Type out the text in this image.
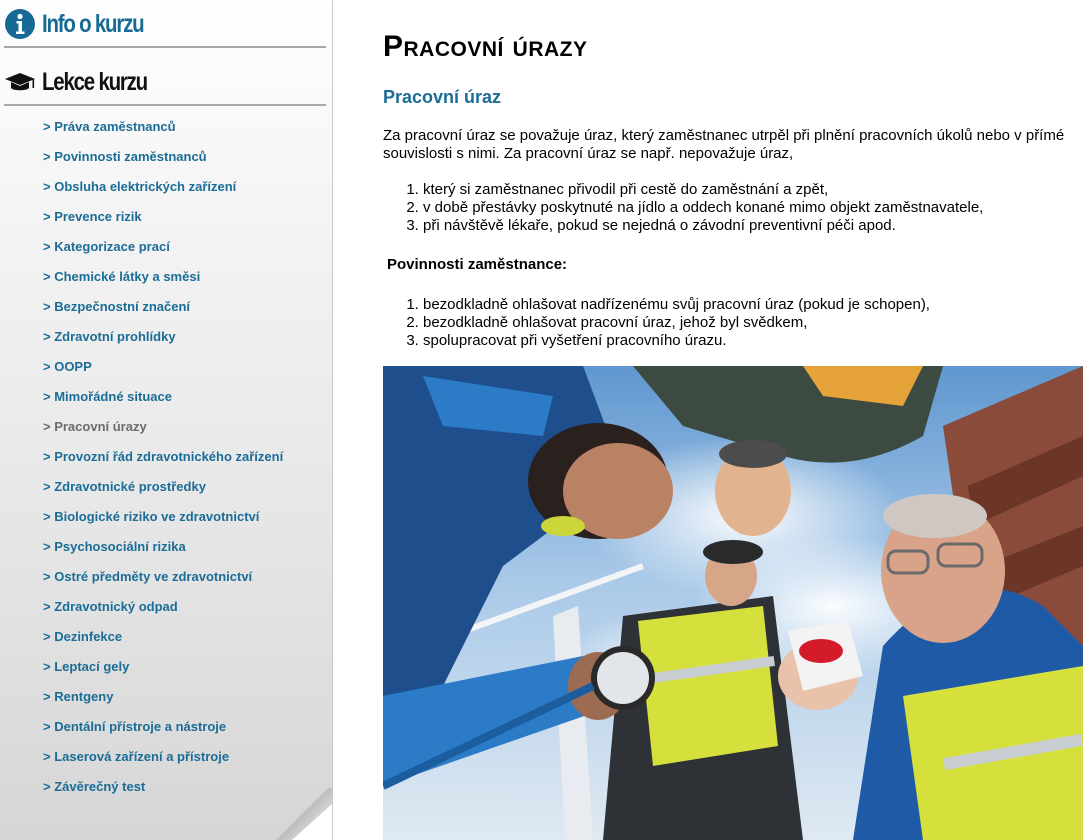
Info o kurzu
Lekce kurzu
> Práva zaměstnanců
> Povinnosti zaměstnanců
> Obsluha elektrických zařízení
> Prevence rizik
> Kategorizace prací
> Chemické látky a směsi
> Bezpečnostní značení
> Zdravotní prohlídky
> OOPP
> Mimořádné situace
> Pracovní úrazy
> Provozní řád zdravotnického zařízení
> Zdravotnické prostředky
> Biologické riziko ve zdravotnictví
> Psychosociální rizika
> Ostré předměty ve zdravotnictví
> Zdravotnický odpad
> Dezinfekce
> Leptací gely
> Rentgeny
> Dentální přístroje a nástroje
> Laserová zařízení a přístroje
> Závěrečný test
Pracovní úrazy
Pracovní úraz

Za pracovní úraz se považuje úraz, který zaměstnanec utrpěl při plnění pracovních úkolů nebo v přímé souvislosti s nimi. Za pracovní úraz se např. nepovažuje úraz,

1. který si zaměstnanec přivodil při cestě do zaměstnání a zpět,
2. v době přestávky poskytnuté na jídlo a oddech konané mimo objekt zaměstnavatele,
3. při návštěvě lékaře, pokud se nejedná o závodní preventivní péči apod.

Povinnosti zaměstnance:

1. bezodkladně ohlašovat nadřízenému svůj pracovní úraz (pokud je schopen),
2. bezodkladně ohlašovat pracovní úraz, jehož byl svědkem,
3. spolupracovat při vyšetření pracovního úrazu.
